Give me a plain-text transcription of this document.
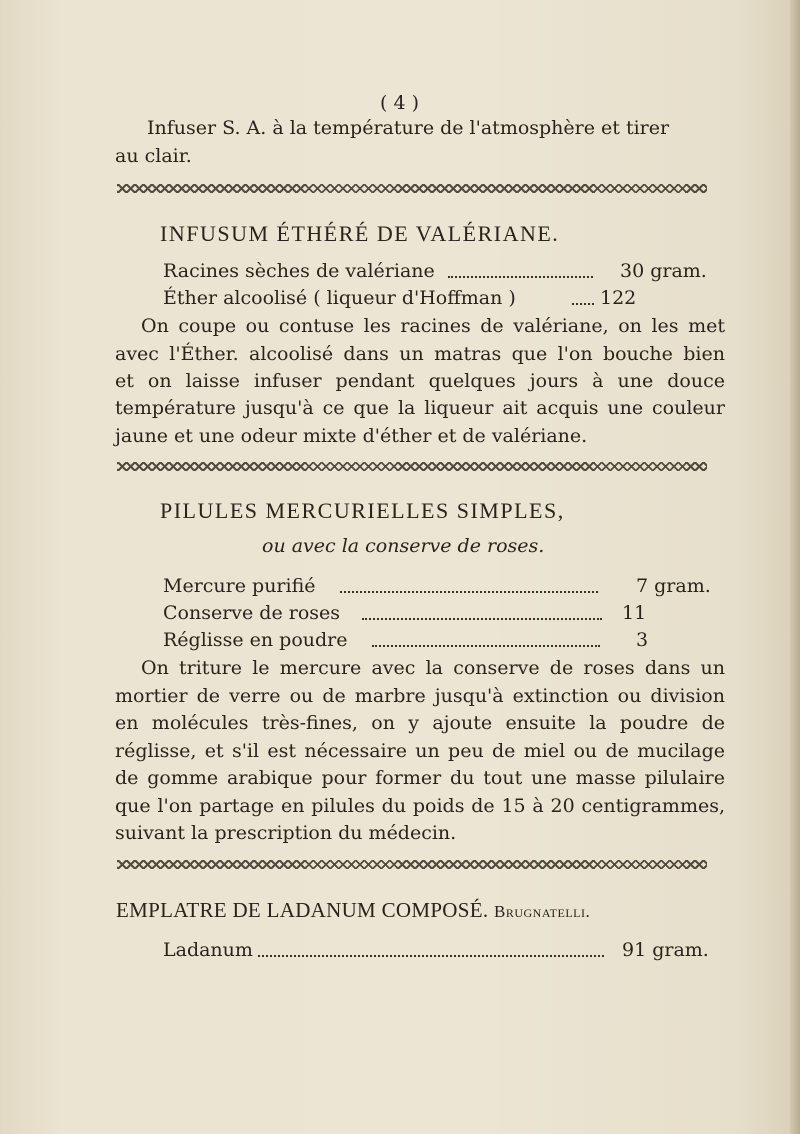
( 4 )
Infuser S. A. à la température de l'atmosphère et tirer
au clair.
INFUSUM ÉTHÉRÉ DE VALÉRIANE.
Racines sèches de valériane	30 gram.
Éther alcoolisé ( liqueur d'Hoffman )	122
On coupe ou contuse les racines de valériane, on les met
avec l'Éther. alcoolisé dans un matras que l'on bouche bien
et on laisse infuser pendant quelques jours à une douce
température jusqu'à ce que la liqueur ait acquis une couleur
jaune et une odeur mixte d'éther et de valériane.
PILULES MERCURIELLES SIMPLES,
ou avec la conserve de roses.
Mercure purifié	7 gram.
Conserve de roses	11
Réglisse en poudre	3
On triture le mercure avec la conserve de roses dans un
mortier de verre ou de marbre jusqu'à extinction ou division
en molécules très-fines, on y ajoute ensuite la poudre de
réglisse, et s'il est nécessaire un peu de miel ou de mucilage
de gomme arabique pour former du tout une masse pilulaire
que l'on partage en pilules du poids de 15 à 20 centigrammes,
suivant la prescription du médecin.
EMPLATRE DE LADANUM COMPOSÉ. Brugnatelli.
Ladanum	91 gram.
